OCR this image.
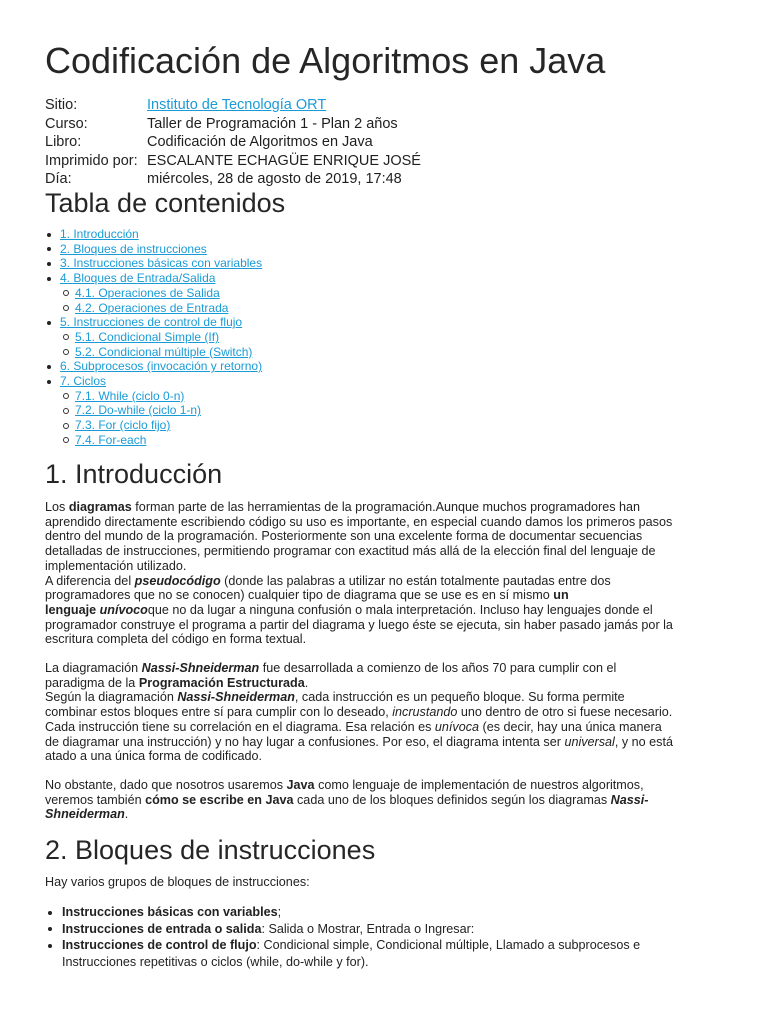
Codificación de Algoritmos en Java
Sitio:	Instituto de Tecnología ORT
Curso:	Taller de Programación 1 - Plan 2 años
Libro:	Codificación de Algoritmos en Java
Imprimido por:	ESCALANTE ECHAGÜE ENRIQUE JOSÉ
Día:	miércoles, 28 de agosto de 2019, 17:48
Tabla de contenidos
1. Introducción
2. Bloques de instrucciones
3. Instrucciones básicas con variables
4. Bloques de Entrada/Salida
4.1. Operaciones de Salida
4.2. Operaciones de Entrada
5. Instrucciones de control de flujo
5.1. Condicional Simple (If)
5.2. Condicional múltiple (Switch)
6. Subprocesos (invocación y retorno)
7. Ciclos
7.1. While (ciclo 0-n)
7.2. Do-while (ciclo 1-n)
7.3. For (ciclo fijo)
7.4. For-each
1. Introducción
Los diagramas forman parte de las herramientas de la programación.Aunque muchos programadores han
aprendido directamente escribiendo código su uso es importante, en especial cuando damos los primeros pasos
dentro del mundo de la programación. Posteriormente son una excelente forma de documentar secuencias
detalladas de instrucciones, permitiendo programar con exactitud más allá de la elección final del lenguaje de
implementación utilizado.
A diferencia del pseudocódigo (donde las palabras a utilizar no están totalmente pautadas entre dos
programadores que no se conocen) cualquier tipo de diagrama que se use es en sí mismo un
lenguaje unívocoque no da lugar a ninguna confusión o mala interpretación. Incluso hay lenguajes donde el
programador construye el programa a partir del diagrama y luego éste se ejecuta, sin haber pasado jamás por la
escritura completa del código en forma textual.
La diagramación Nassi-Shneiderman fue desarrollada a comienzo de los años 70 para cumplir con el
paradigma de la Programación Estructurada.
Según la diagramación Nassi-Shneiderman, cada instrucción es un pequeño bloque. Su forma permite
combinar estos bloques entre sí para cumplir con lo deseado, incrustando uno dentro de otro si fuese necesario.
Cada instrucción tiene su correlación en el diagrama. Esa relación es unívoca (es decir, hay una única manera
de diagramar una instrucción) y no hay lugar a confusiones. Por eso, el diagrama intenta ser universal, y no está
atado a una única forma de codificado.
No obstante, dado que nosotros usaremos Java como lenguaje de implementación de nuestros algoritmos,
veremos también cómo se escribe en Java cada uno de los bloques definidos según los diagramas Nassi-
Shneiderman.
2. Bloques de instrucciones
Hay varios grupos de bloques de instrucciones:
Instrucciones básicas con variables;
Instrucciones de entrada o salida: Salida o Mostrar, Entrada o Ingresar:
Instrucciones de control de flujo: Condicional simple, Condicional múltiple, Llamado a subprocesos e
Instrucciones repetitivas o ciclos (while, do-while y for).
